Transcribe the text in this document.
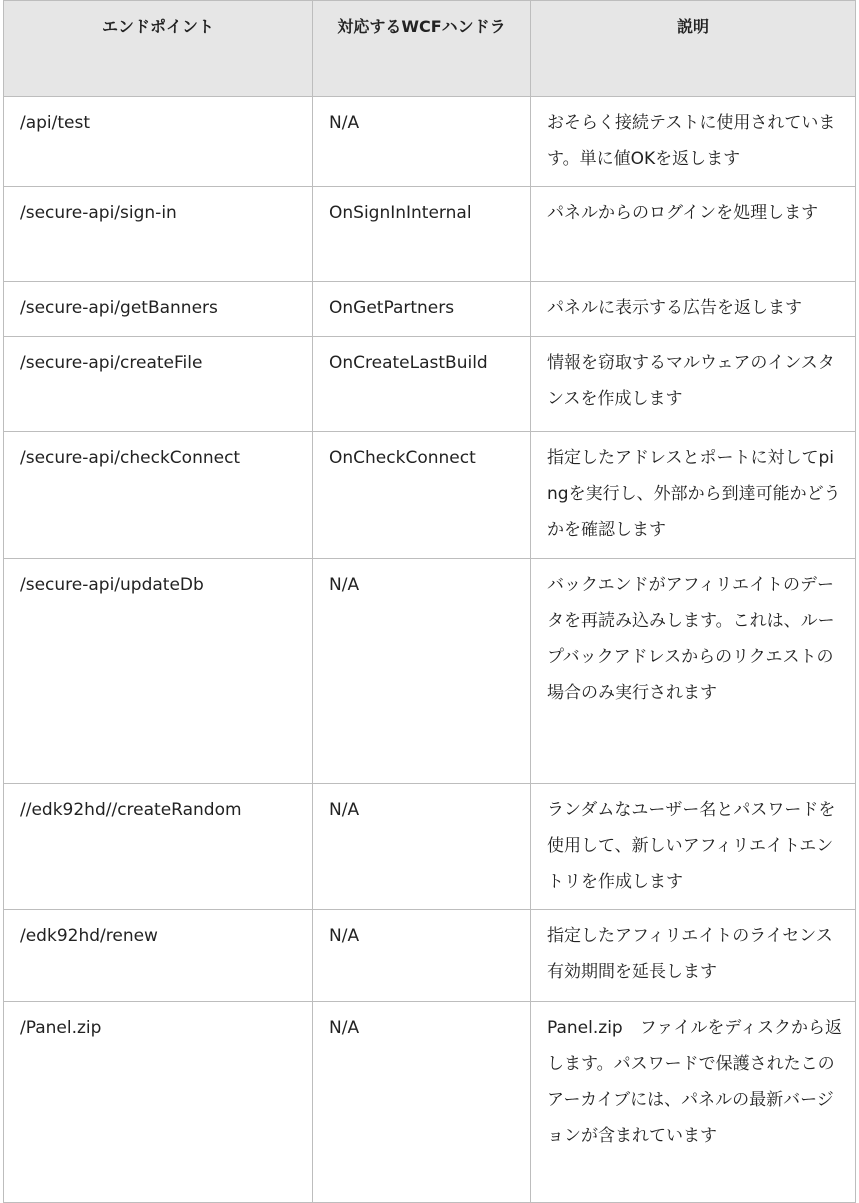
エンドポイント	対応するWCFハンドラ	説明
/api/test	N/A	おそらく接続テストに使用されています。単に値OKを返します
/secure-api/sign-in	OnSignInInternal	パネルからのログインを処理します
/secure-api/getBanners	OnGetPartners	パネルに表示する広告を返します
/secure-api/createFile	OnCreateLastBuild	情報を窃取するマルウェアのインスタンスを作成します
/secure-api/checkConnect	OnCheckConnect	指定したアドレスとポートに対してpingを実行し、外部から到達可能かどうかを確認します
/secure-api/updateDb	N/A	バックエンドがアフィリエイトのデータを再読み込みします。これは、ループバックアドレスからのリクエストの場合のみ実行されます
//edk92hd//createRandom	N/A	ランダムなユーザー名とパスワードを使用して、新しいアフィリエイトエントリを作成します
/edk92hd/renew	N/A	指定したアフィリエイトのライセンス有効期間を延長します
/Panel.zip	N/A	Panel.zip　ファイルをディスクから返します。パスワードで保護されたこのアーカイブには、パネルの最新バージョンが含まれています
